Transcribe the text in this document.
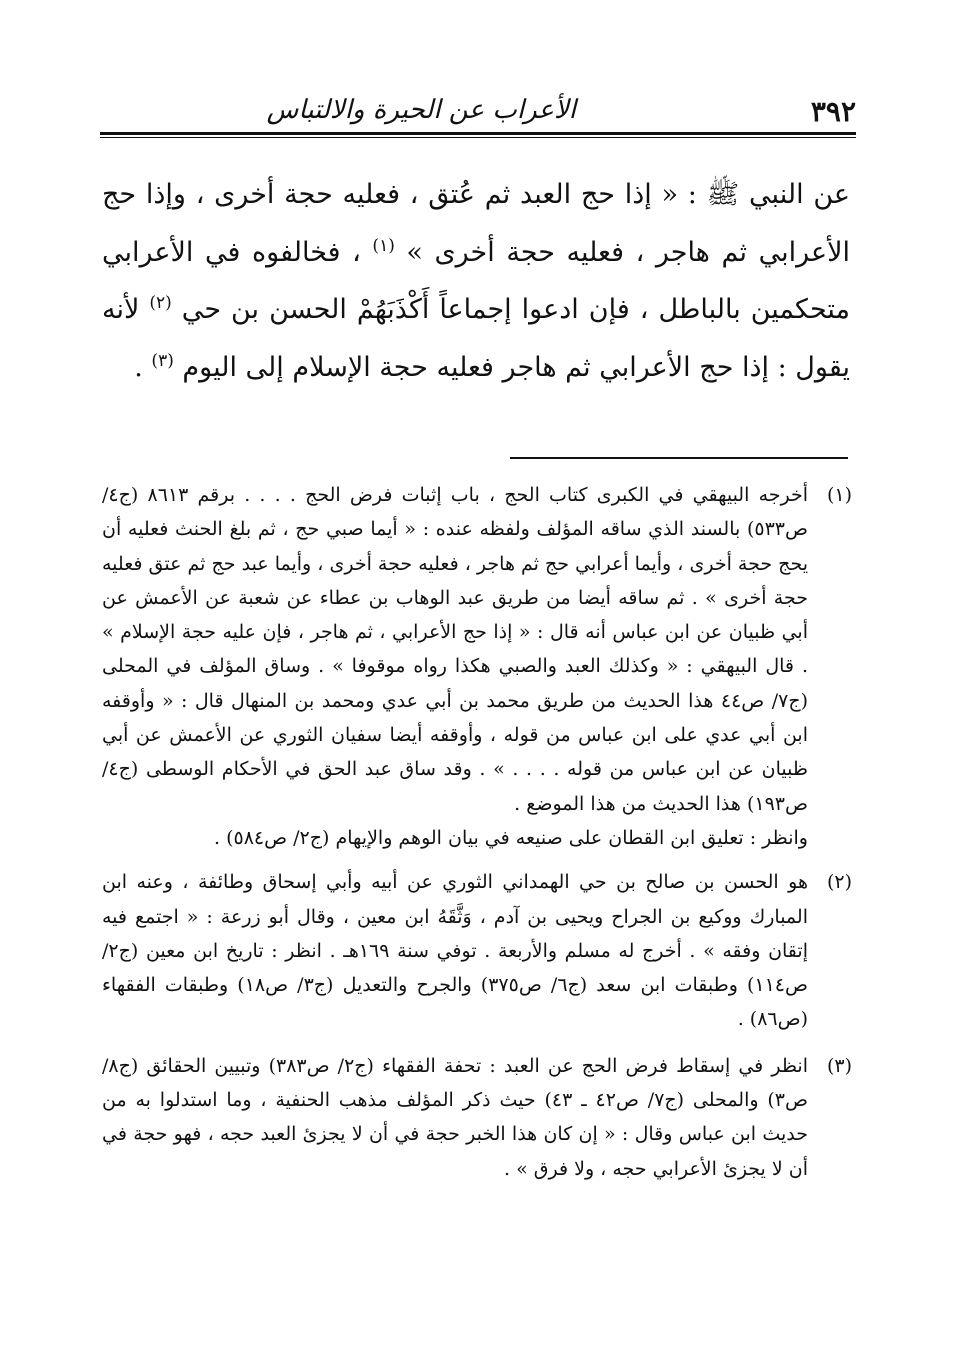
٣٩٢
الأعراب عن الحيرة والالتباس

عن النبي ﷺ : « إذا حج العبد ثم عُتق ، فعليه حجة أخرى ، وإذا حج الأعرابي ثم هاجر ، فعليه حجة أخرى » $^{(١)}$ ، فخالفوه في الأعرابي متحكمين بالباطل ، فإن ادعوا إجماعاً أَكْذَبَهُمْ الحسن بن حي $^{(٢)}$ لأنه يقول : إذا حج الأعرابي ثم هاجر فعليه حجة الإسلام إلى اليوم $^{(٣)}$ .

(١)

أخرجه البيهقي في الكبرى كتاب الحج ، باب إثبات فرض الحج . . . . برقم ٨٦١٣ (ج٤/ ص٥٣٣) بالسند الذي ساقه المؤلف ولفظه عنده : « أيما صبي حج ، ثم بلغ الحنث فعليه أن يحج حجة أخرى ، وأيما أعرابي حج ثم هاجر ، فعليه حجة أخرى ، وأيما عبد حج ثم عتق فعليه حجة أخرى » . ثم ساقه أيضا من طريق عبد الوهاب بن عطاء عن شعبة عن الأعمش عن أبي ظبيان عن ابن عباس أنه قال : « إذا حج الأعرابي ، ثم هاجر ، فإن عليه حجة الإسلام » . قال البيهقي : « وكذلك العبد والصبي هكذا رواه موقوفا » . وساق المؤلف في المحلى (ج٧/ ص٤٤ هذا الحديث من طريق محمد بن أبي عدي ومحمد بن المنهال قال : « وأوقفه ابن أبي عدي على ابن عباس من قوله ، وأوقفه أيضا سفيان الثوري عن الأعمش عن أبي ظبيان عن ابن عباس من قوله . . . . » . وقد ساق عبد الحق في الأحكام الوسطى (ج٤/ ص١٩٣) هذا الحديث من هذا الموضع .

وانظر : تعليق ابن القطان على صنيعه في بيان الوهم والإيهام (ج٢/ ص٥٨٤) .

(٢)

هو الحسن بن صالح بن حي الهمداني الثوري عن أبيه وأبي إسحاق وطائفة ، وعنه ابن المبارك ووكيع بن الجراح ويحيى بن آدم ، وَثَّقَهُ ابن معين ، وقال أبو زرعة : « اجتمع فيه إتقان وفقه » . أخرج له مسلم والأربعة . توفي سنة ١٦٩هـ . انظر : تاريخ ابن معين (ج٢/ ص١١٤) وطبقات ابن سعد (ج٦/ ص٣٧٥) والجرح والتعديل (ج٣/ ص١٨) وطبقات الفقهاء (ص٨٦) .

(٣)

انظر في إسقاط فرض الحج عن العبد : تحفة الفقهاء (ج٢/ ص٣٨٣) وتبيين الحقائق (ج٨/ ص٣) والمحلى (ج٧/ ص٤٢ ـ ٤٣) حيث ذكر المؤلف مذهب الحنفية ، وما استدلوا به من حديث ابن عباس وقال : « إن كان هذا الخبر حجة في أن لا يجزئ العبد حجه ، فهو حجة في أن لا يجزئ الأعرابي حجه ، ولا فرق » .
